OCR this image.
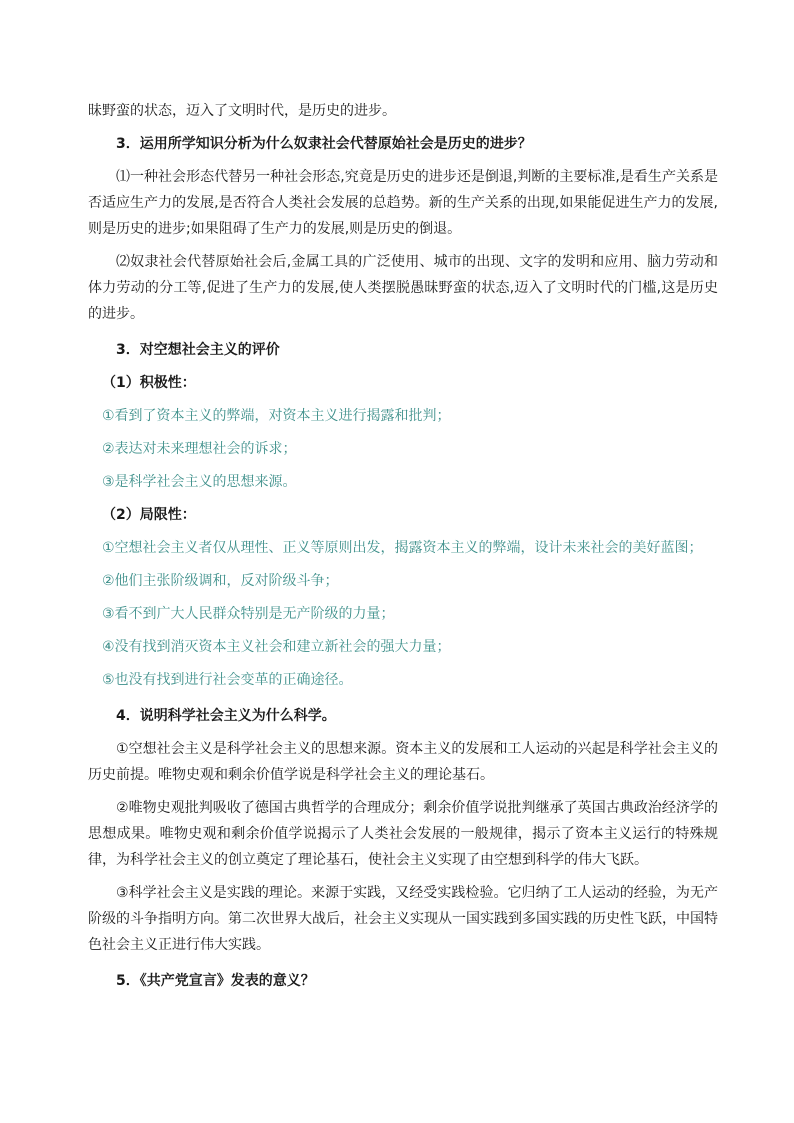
昧野蛮的状态，迈入了文明时代，是历史的进步。

3．运用所学知识分析为什么奴隶社会代替原始社会是历史的进步？

⑴一种社会形态代替另一种社会形态,究竟是历史的进步还是倒退,判断的主要标准,是看生产关系是否适应生产力的发展,是否符合人类社会发展的总趋势。新的生产关系的出现,如果能促进生产力的发展,则是历史的进步;如果阻碍了生产力的发展,则是历史的倒退。

⑵奴隶社会代替原始社会后,金属工具的广泛使用、城市的出现、文字的发明和应用、脑力劳动和体力劳动的分工等,促进了生产力的发展,使人类摆脱愚昧野蛮的状态,迈入了文明时代的门槛,这是历史的进步。

3．对空想社会主义的评价

（1）积极性：

①看到了资本主义的弊端，对资本主义进行揭露和批判；

②表达对未来理想社会的诉求；

③是科学社会主义的思想来源。

（2）局限性：

①空想社会主义者仅从理性、正义等原则出发，揭露资本主义的弊端，设计未来社会的美好蓝图；

②他们主张阶级调和，反对阶级斗争；

③看不到广大人民群众特别是无产阶级的力量；

④没有找到消灭资本主义社会和建立新社会的强大力量；

⑤也没有找到进行社会变革的正确途径。

4．说明科学社会主义为什么科学。

①空想社会主义是科学社会主义的思想来源。资本主义的发展和工人运动的兴起是科学社会主义的历史前提。唯物史观和剩余价值学说是科学社会主义的理论基石。

②唯物史观批判吸收了德国古典哲学的合理成分；剩余价值学说批判继承了英国古典政治经济学的思想成果。唯物史观和剩余价值学说揭示了人类社会发展的一般规律，揭示了资本主义运行的特殊规律，为科学社会主义的创立奠定了理论基石，使社会主义实现了由空想到科学的伟大飞跃。

③科学社会主义是实践的理论。来源于实践，又经受实践检验。它归纳了工人运动的经验，为无产阶级的斗争指明方向。第二次世界大战后，社会主义实现从一国实践到多国实践的历史性飞跃，中国特色社会主义正进行伟大实践。

5．《共产党宣言》发表的意义？
